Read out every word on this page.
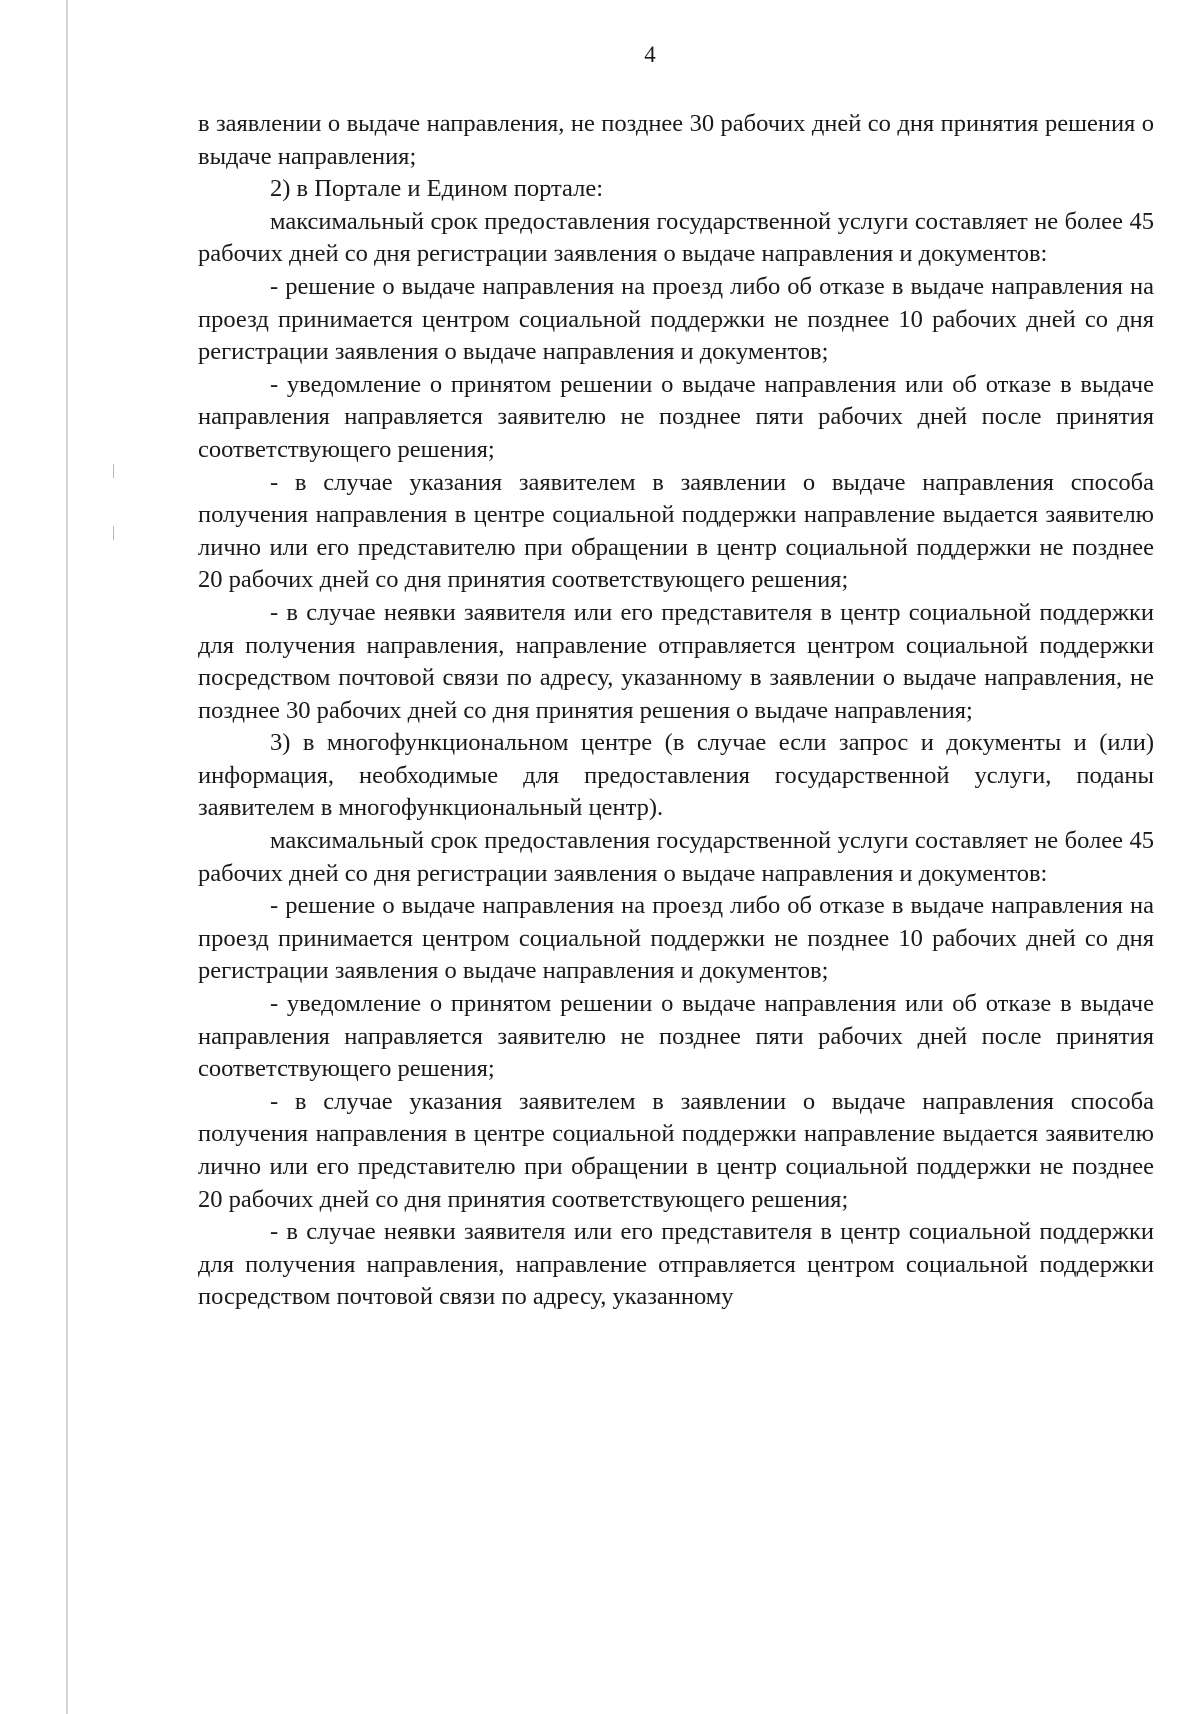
4

в заявлении о выдаче направления, не позднее 30 рабочих дней со дня принятия решения о выдаче направления;

2) в Портале и Едином портале:

максимальный срок предоставления государственной услуги составляет не более 45 рабочих дней со дня регистрации заявления о выдаче направления и документов:

- решение о выдаче направления на проезд либо об отказе в выдаче направления на проезд принимается центром социальной поддержки не позднее 10 рабочих дней со дня регистрации заявления о выдаче направления и документов;

- уведомление о принятом решении о выдаче направления или об отказе в выдаче направления направляется заявителю не позднее пяти рабочих дней после принятия соответствующего решения;

- в случае указания заявителем в заявлении о выдаче направления способа получения направления в центре социальной поддержки направление выдается заявителю лично или его представителю при обращении в центр социальной поддержки не позднее 20 рабочих дней со дня принятия соответствующего решения;

- в случае неявки заявителя или его представителя в центр социальной поддержки для получения направления, направление отправляется центром социальной поддержки посредством почтовой связи по адресу, указанному в заявлении о выдаче направления, не позднее 30 рабочих дней со дня принятия решения о выдаче направления;

3) в многофункциональном центре (в случае если запрос и документы и (или) информация, необходимые для предоставления государственной услуги, поданы заявителем в многофункциональный центр).

максимальный срок предоставления государственной услуги составляет не более 45 рабочих дней со дня регистрации заявления о выдаче направления и документов:

- решение о выдаче направления на проезд либо об отказе в выдаче направления на проезд принимается центром социальной поддержки не позднее 10 рабочих дней со дня регистрации заявления о выдаче направления и документов;

- уведомление о принятом решении о выдаче направления или об отказе в выдаче направления направляется заявителю не позднее пяти рабочих дней после принятия соответствующего решения;

- в случае указания заявителем в заявлении о выдаче направления способа получения направления в центре социальной поддержки направление выдается заявителю лично или его представителю при обращении в центр социальной поддержки не позднее 20 рабочих дней со дня принятия соответствующего решения;

- в случае неявки заявителя или его представителя в центр социальной поддержки для получения направления, направление отправляется центром социальной поддержки посредством почтовой связи по адресу, указанному
